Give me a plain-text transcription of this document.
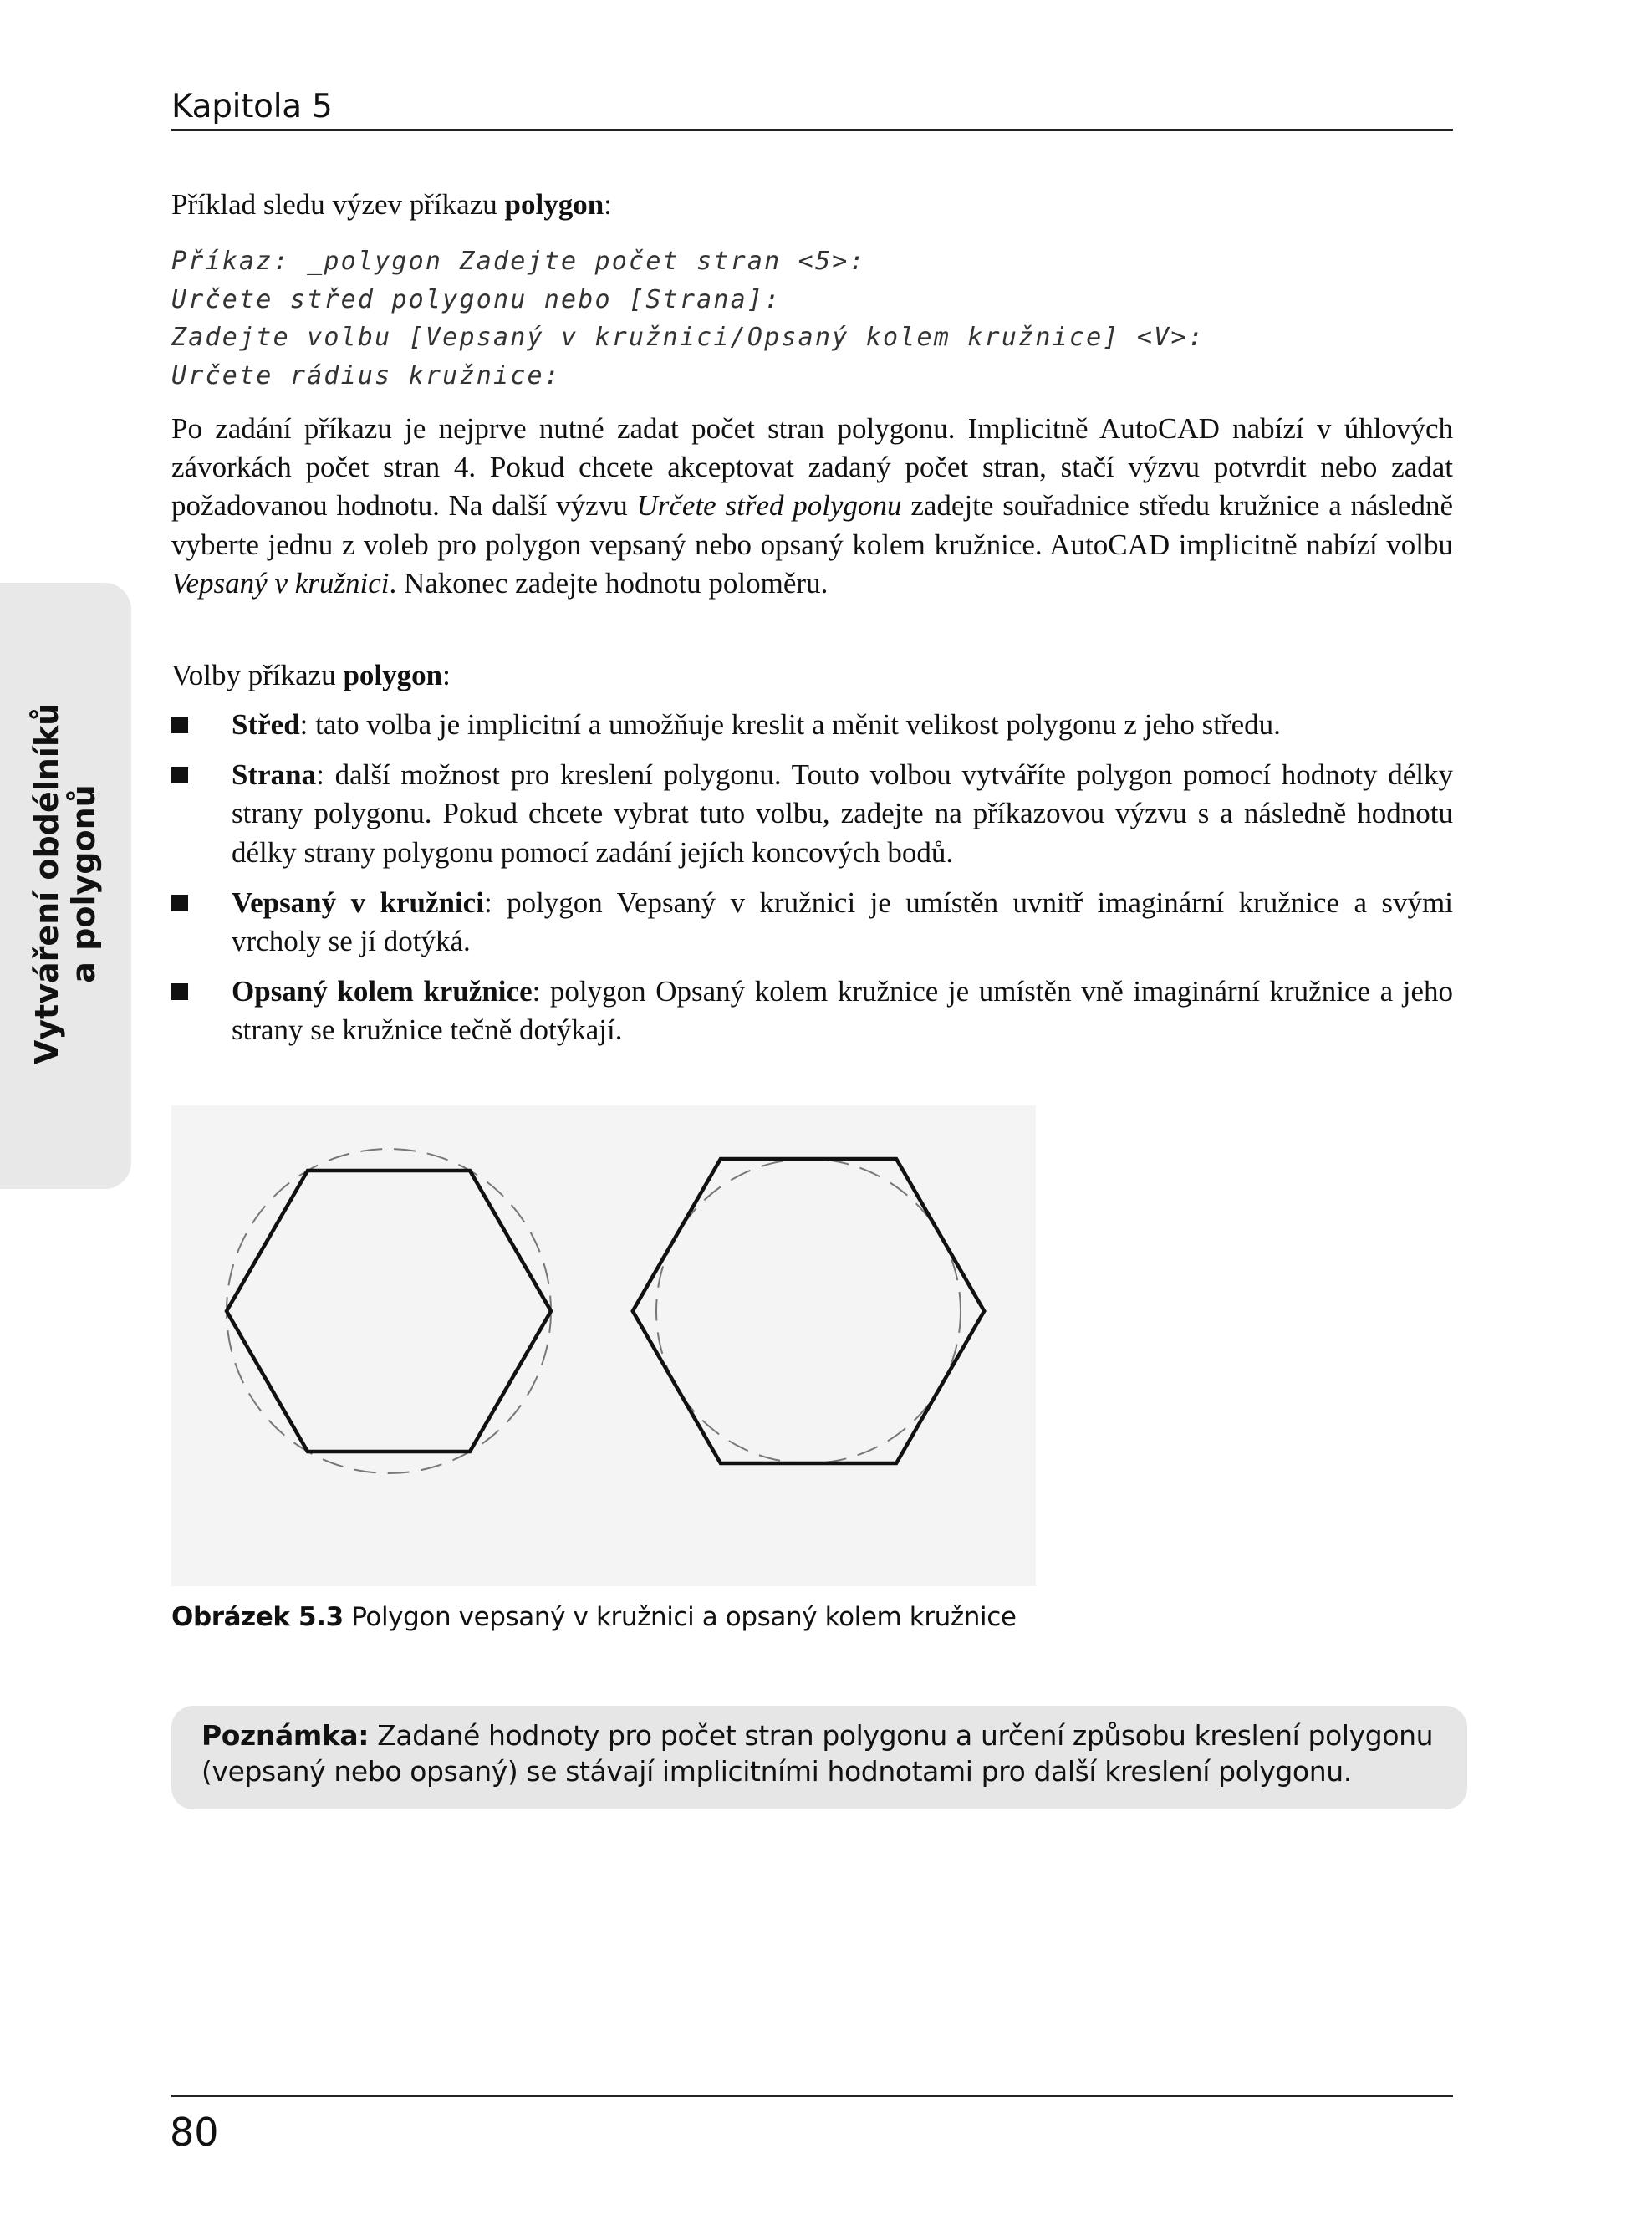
Kapitola 5
Vytváření obdélníků a polygonů
Příklad sledu výzev příkazu polygon:
Příkaz: _polygon Zadejte počet stran <5>:
Určete střed polygonu nebo [Strana]:
Zadejte volbu [Vepsaný v kružnici/Opsaný kolem kružnice] <V>:
Určete rádius kružnice:
Po zadání příkazu je nejprve nutné zadat počet stran polygonu. Implicitně AutoCAD nabízí v úhlových závorkách počet stran 4. Pokud chcete akceptovat zadaný počet stran, stačí výzvu potvrdit nebo zadat požadovanou hodnotu. Na další výzvu Určete střed polygonu zadejte souřadnice středu kružnice a následně vyberte jednu z voleb pro polygon vepsaný nebo opsaný kolem kružnice. AutoCAD implicitně nabízí volbu Vepsaný v kružnici. Nakonec zadejte hodnotu poloměru.
Volby příkazu polygon:
Střed: tato volba je implicitní a umožňuje kreslit a měnit velikost polygonu z jeho středu.
Strana: další možnost pro kreslení polygonu. Touto volbou vytváříte polygon pomocí hodnoty délky strany polygonu. Pokud chcete vybrat tuto volbu, zadejte na příkazovou výzvu s a následně hodnotu délky strany polygonu pomocí zadání jejích koncových bodů.
Vepsaný v kružnici: polygon Vepsaný v kružnici je umístěn uvnitř imaginární kružnice a svými vrcholy se jí dotýká.
Opsaný kolem kružnice: polygon Opsaný kolem kružnice je umístěn vně imaginární kružnice a jeho strany se kružnice tečně dotýkají.
Obrázek 5.3 Polygon vepsaný v kružnici a opsaný kolem kružnice
Poznámka: Zadané hodnoty pro počet stran polygonu a určení způsobu kreslení polygonu (vepsaný nebo opsaný) se stávají implicitními hodnotami pro další kreslení polygonu.
80
